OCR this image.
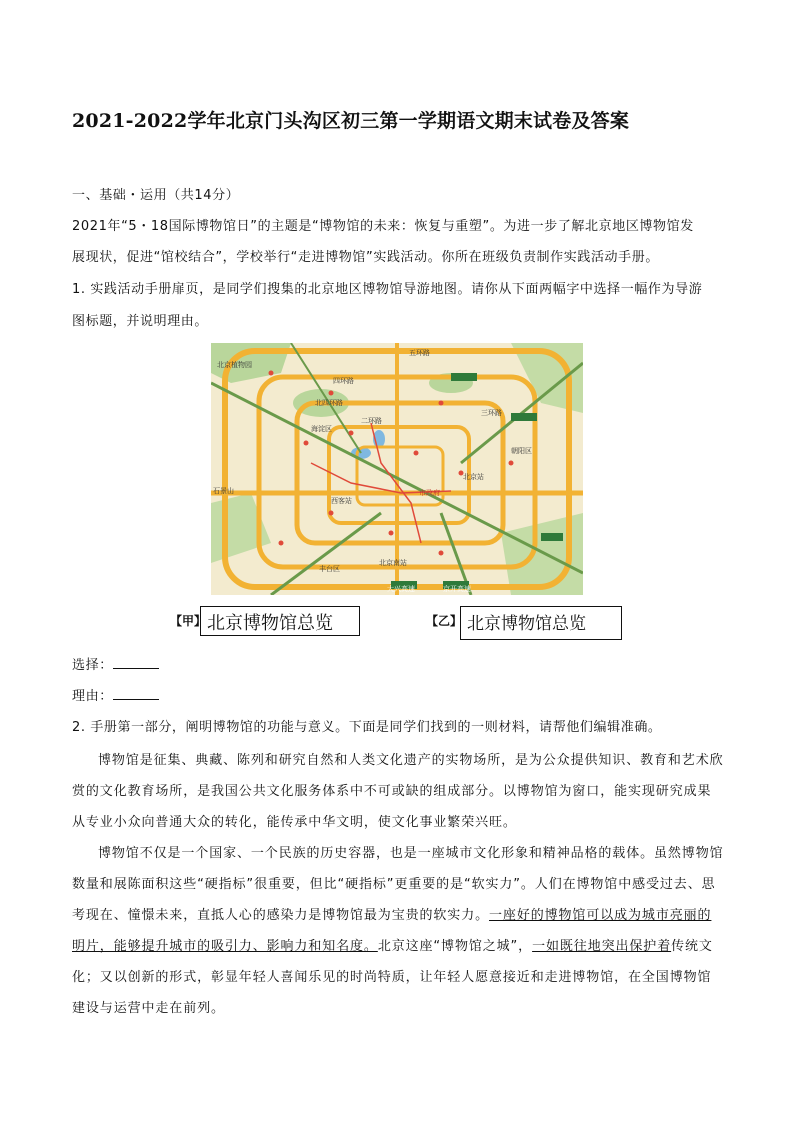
2021-2022学年北京门头沟区初三第一学期语文期末试卷及答案
一、基础・运用（共14分）
2021年“5・18国际博物馆日”的主题是“博物馆的未来：恢复与重塑”。为进一步了解北京地区博物馆发
展现状，促进“馆校结合”，学校举行“走进博物馆”实践活动。你所在班级负责制作实践活动手册。
1. 实践活动手册扉页，是同学们搜集的北京地区博物馆导游地图。请你从下面两幅字中选择一幅作为导游
图标题，并说明理由。
北京植物园
五环路
四环路
北四环路
三环路
二环路
海淀区
北京站
石景山
丰台区
北京南站
市政府
大兴高速	京开高速
朝阳区
西客站
【甲】 北京博物馆总览	【乙】 北京博物馆总览
选择：
理由：
2. 手册第一部分，阐明博物馆的功能与意义。下面是同学们找到的一则材料，请帮他们编辑准确。
博物馆是征集、典藏、陈列和研究自然和人类文化遗产的实物场所，是为公众提供知识、教育和艺术欣赏的文化教育场所，是我国公共文化服务体系中不可或缺的组成部分。以博物馆为窗口，能实现研究成果从专业小众向普通大众的转化，能传承中华文明，使文化事业繁荣兴旺。
博物馆不仅是一个国家、一个民族的历史容器，也是一座城市文化形象和精神品格的载体。虽然博物馆数量和展陈面积这些“硬指标”很重要，但比“硬指标”更重要的是“软实力”。人们在博物馆中感受过去、思考现在、憧憬未来，直抵人心的感染力是博物馆最为宝贵的软实力。一座好的博物馆可以成为城市亮丽的明片，能够提升城市的吸引力、影响力和知名度。北京这座“博物馆之城”，一如既往地突出保护着传统文化；又以创新的形式，彰显年轻人喜闻乐见的时尚特质，让年轻人愿意接近和走进博物馆，在全国博物馆建设与运营中走在前列。
